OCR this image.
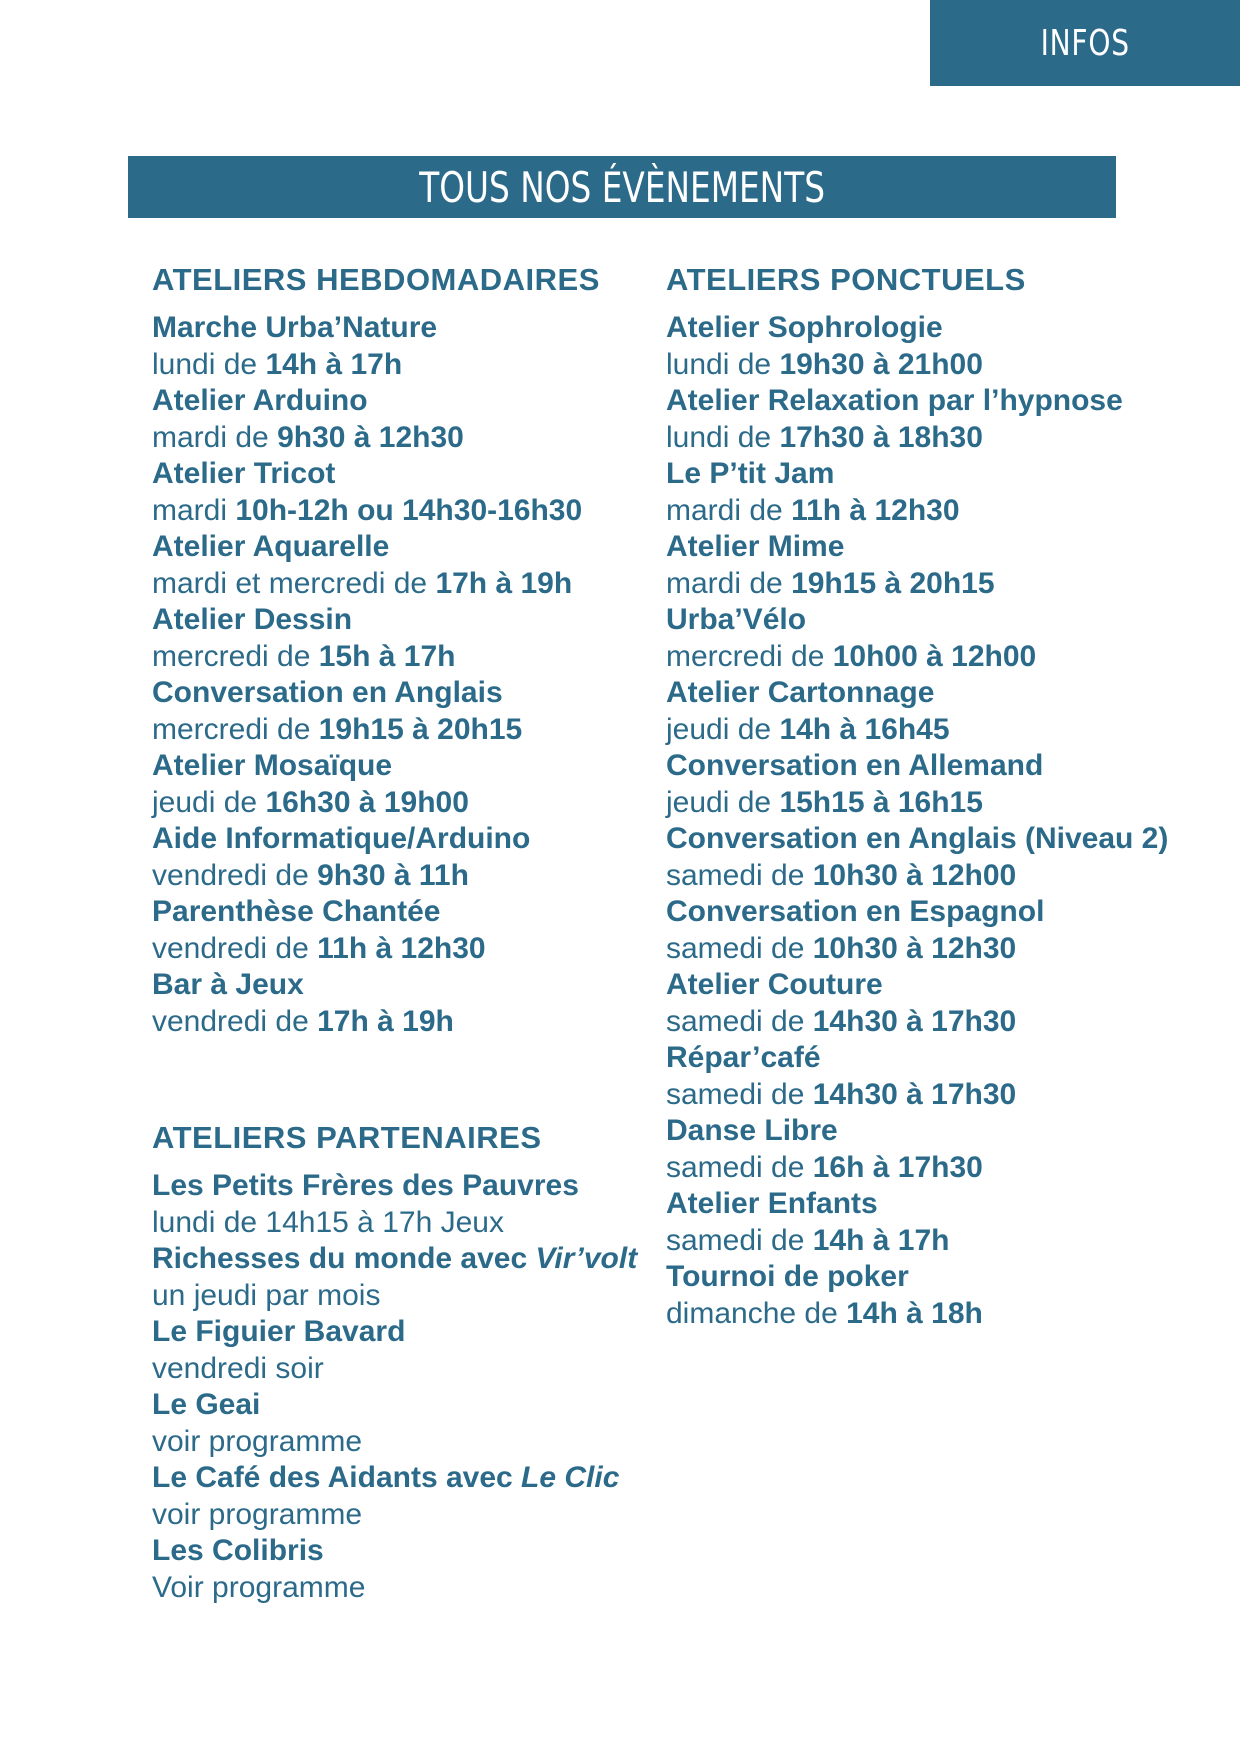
INFOS
TOUS NOS ÉVÈNEMENTS
ATELIERS HEBDOMADAIRES
Marche Urba’Nature
lundi de 14h à 17h
Atelier Arduino
mardi de 9h30 à 12h30
Atelier Tricot
mardi 10h-12h ou 14h30-16h30
Atelier Aquarelle
mardi et mercredi de 17h à 19h
Atelier Dessin
mercredi de 15h à 17h
Conversation en Anglais
mercredi de 19h15 à 20h15
Atelier Mosaïque
jeudi de 16h30 à 19h00
Aide Informatique/Arduino
vendredi de 9h30 à 11h
Parenthèse Chantée
vendredi de 11h à 12h30
Bar à Jeux
vendredi de 17h à 19h
ATELIERS PARTENAIRES
Les Petits Frères des Pauvres
lundi de 14h15 à 17h Jeux
Richesses du monde avec Vir’volt
un jeudi par mois
Le Figuier Bavard
vendredi soir
Le Geai
voir programme
Le Café des Aidants avec Le Clic
voir programme
Les Colibris
Voir programme
ATELIERS PONCTUELS
Atelier Sophrologie
lundi de 19h30 à 21h00
Atelier Relaxation par l’hypnose
lundi de 17h30 à 18h30
Le P’tit Jam
mardi de 11h à 12h30
Atelier Mime
mardi de 19h15 à 20h15
Urba’Vélo
mercredi de 10h00 à 12h00
Atelier Cartonnage
jeudi de 14h à 16h45
Conversation en Allemand
jeudi de 15h15 à 16h15
Conversation en Anglais (Niveau 2)
samedi de 10h30 à 12h00
Conversation en Espagnol
samedi de 10h30 à 12h30
Atelier Couture
samedi de 14h30 à 17h30
Répar’café
samedi de 14h30 à 17h30
Danse Libre
samedi de 16h à 17h30
Atelier Enfants
samedi de 14h à 17h
Tournoi de poker
dimanche de 14h à 18h
